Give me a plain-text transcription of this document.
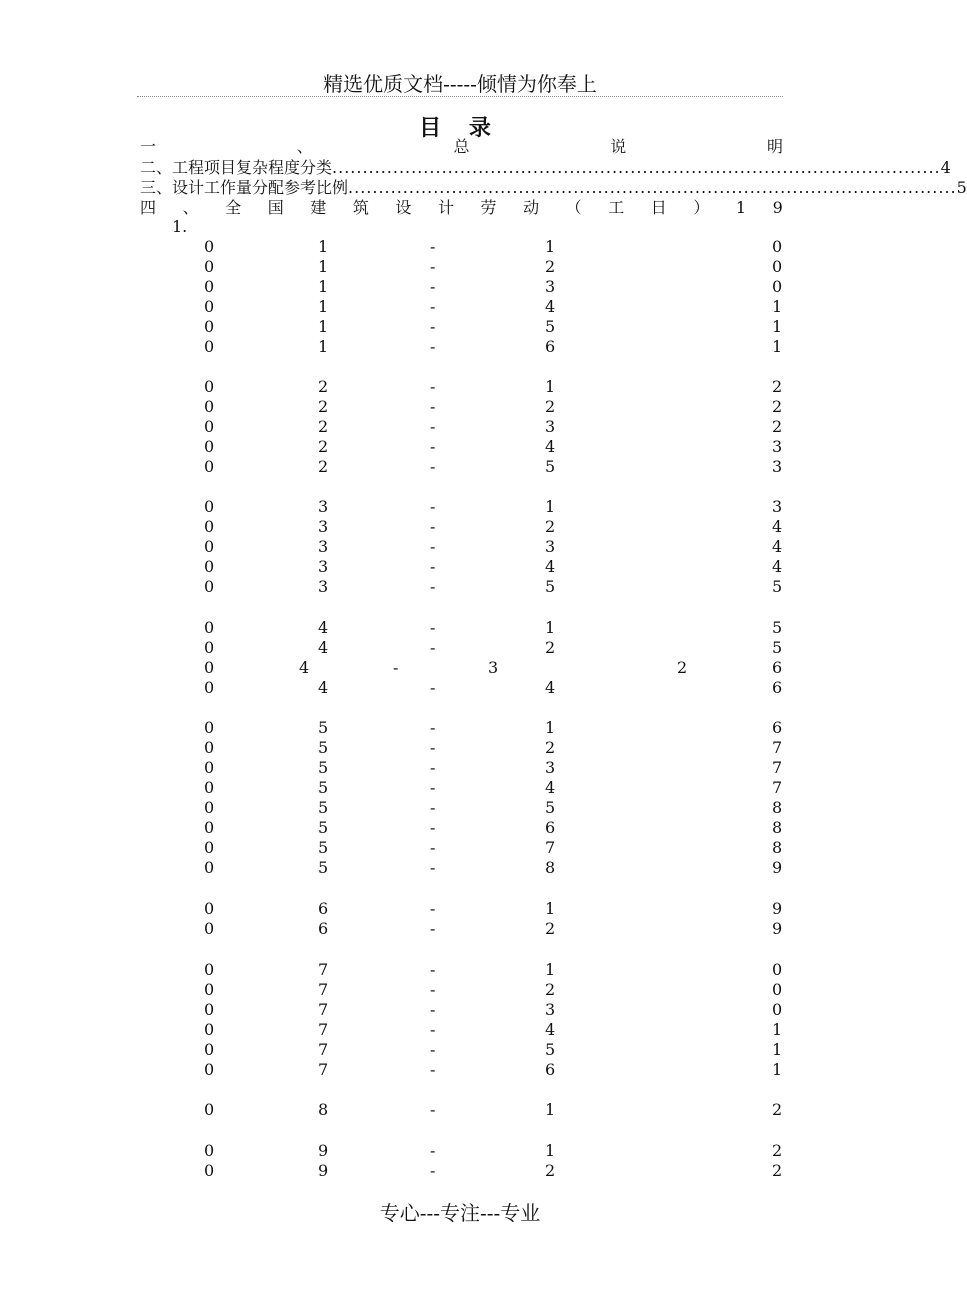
精选优质文档-----倾情为你奉上
目 录
一	、	总	说	明
二、工程项目复杂程度分类 .................................................................................................... 4
三、设计工作量分配参考比例 .................................................................................................... 5
四 、 全 国 建 筑 设 计 劳 动 （ 工 日 ） 1 9
1.
0	1	-	1	0
0	1	-	2	0
0	1	-	3	0
0	1	-	4	1
0	1	-	5	1
0	1	-	6	1
0	2	-	1	2
0	2	-	2	2
0	2	-	3	2
0	2	-	4	3
0	2	-	5	3
0	3	-	1	3
0	3	-	2	4
0	3	-	3	4
0	3	-	4	4
0	3	-	5	5
0	4	-	1	5
0	4	-	2	5
0	4	-	3	2	6
0	4	-	4	6
0	5	-	1	6
0	5	-	2	7
0	5	-	3	7
0	5	-	4	7
0	5	-	5	8
0	5	-	6	8
0	5	-	7	8
0	5	-	8	9
0	6	-	1	9
0	6	-	2	9
0	7	-	1	0
0	7	-	2	0
0	7	-	3	0
0	7	-	4	1
0	7	-	5	1
0	7	-	6	1
0	8	-	1	2
0	9	-	1	2
0	9	-	2	2
专心---专注---专业
